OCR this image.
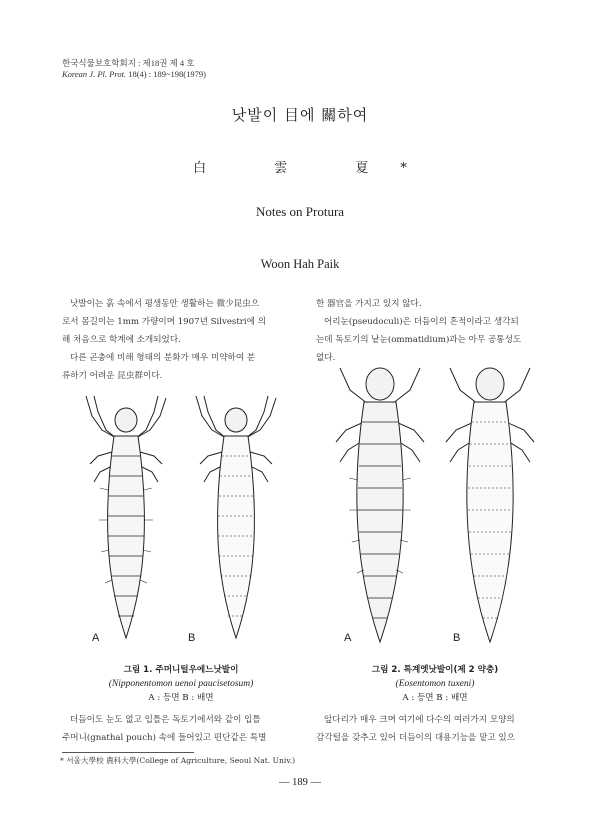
한국식물보호학회지 : 제18권 제 4 호
Korean J. Pl. Prot. 18(4) : 189~198(1979)
낫발이 目에 關하여
白 雲 夏*
Notes on Protura
Woon Hah Paik

낫발이는 흙 속에서 평생동안 생활하는 微少昆虫으

로서 몸길이는 1mm 가량이며 1907년 Silvestri에 의

해 처음으로 학계에 소개되었다.

다른 곤충에 비해 형태의 분화가 매우 미약하여 분

류하기 어려운 昆虫群이다.

한 器官을 가지고 있지 않다.

어리눈(pseudoculi)은 더듬이의 흔적이라고 생각되

는데 독토기의 낱눈(ommatidium)과는 아무 공통성도

없다.

A	B
그림 1. 주머니털우에느낫발이
(Nipponentomon uenoi paucisetosum)
A : 등면 B : 배면
A	B
그림 2. 톡계엣낫발이(제 2 약충)
(Eosentomon tuxeni)
A : 등면 B : 배면

더듬이도 눈도 없고 입틀은 독토기에서와 같이 입틀

주머니(gnathal pouch) 속에 들어있고 편단같은 특별

앞다리가 매우 크며 여기에 다수의 여러가지 모양의

감각털을 갖추고 있어 더듬이의 대용기능을 맡고 있으

* 서울大學校 農科大學(College of Agriculture, Seoul Nat. Univ.)
— 189 —
